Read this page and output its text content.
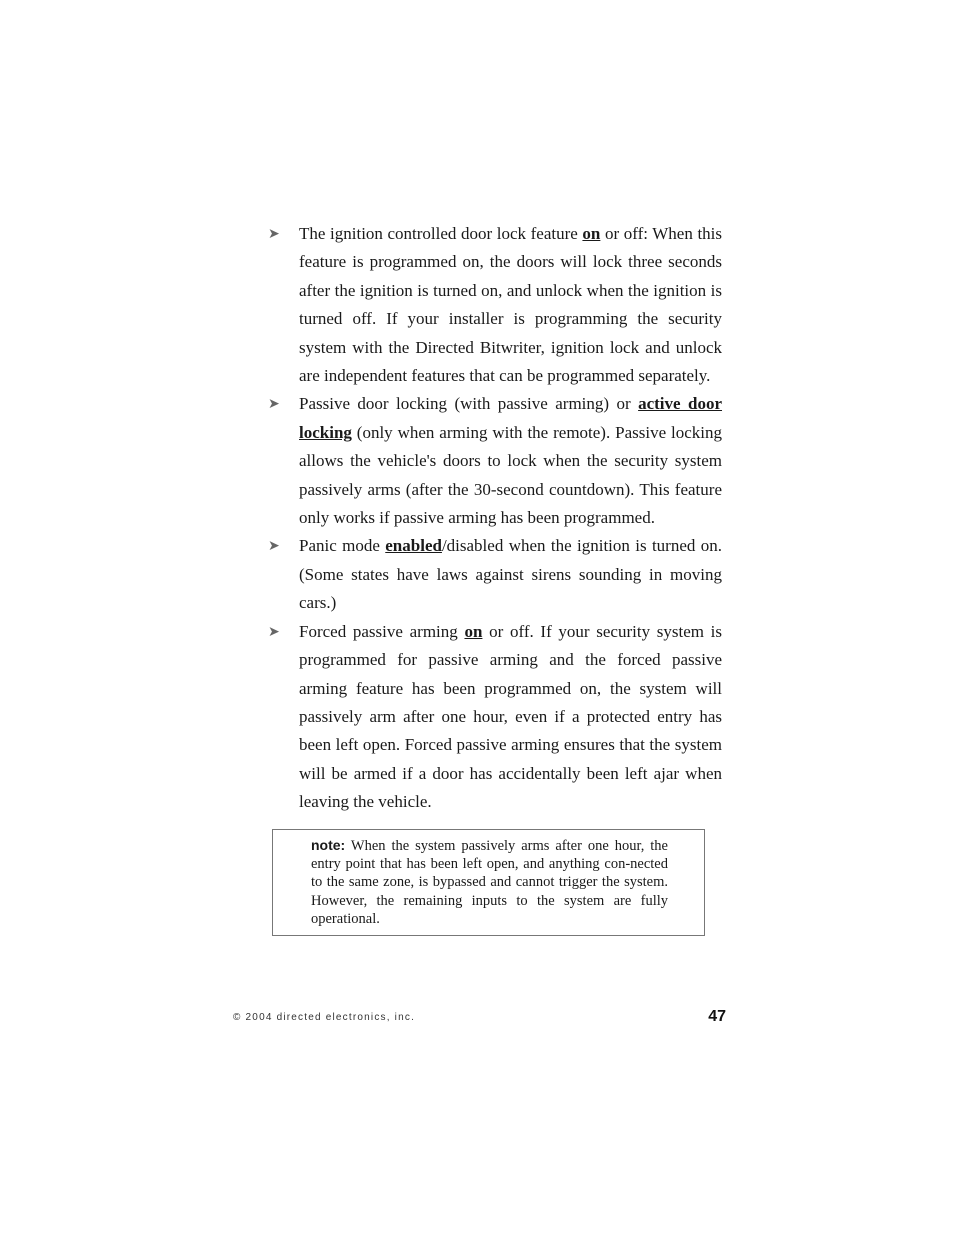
➤ The ignition controlled door lock feature on or off: When this feature is programmed on, the doors will lock three seconds after the ignition is turned on, and unlock when the ignition is turned off. If your installer is programming the security system with the Directed Bitwriter, ignition lock and unlock are independent features that can be programmed separately.
➤ Passive door locking (with passive arming) or active door locking (only when arming with the remote). Passive locking allows the vehicle's doors to lock when the security system passively arms (after the 30-second countdown). This feature only works if passive arming has been programmed.
➤ Panic mode enabled/disabled when the ignition is turned on. (Some states have laws against sirens sounding in moving cars.)
➤ Forced passive arming on or off. If your security system is programmed for passive arming and the forced passive arming feature has been programmed on, the system will passively arm after one hour, even if a protected entry has been left open. Forced passive arming ensures that the system will be armed if a door has accidentally been left ajar when leaving the vehicle.
note: When the system passively arms after one hour, the entry point that has been left open, and anything con-nected to the same zone, is bypassed and cannot trigger the system. However, the remaining inputs to the system are fully operational.
© 2004 directed electronics, inc.	47
